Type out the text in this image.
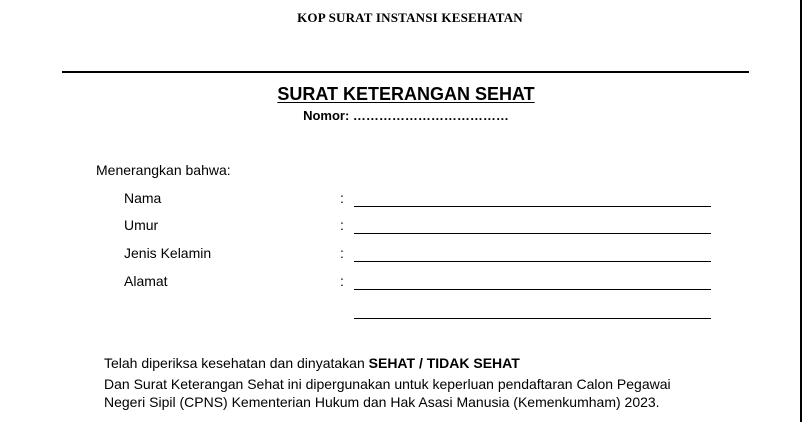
KOP SURAT INSTANSI KESEHATAN
SURAT KETERANGAN SEHAT
Nomor: ………………………………
Menerangkan bahwa:
Nama	:
Umur	:
Jenis Kelamin	:
Alamat	:
Telah diperiksa kesehatan dan dinyatakan SEHAT / TIDAK SEHAT
Dan Surat Keterangan Sehat ini dipergunakan untuk keperluan pendaftaran Calon Pegawai
Negeri Sipil (CPNS) Kementerian Hukum dan Hak Asasi Manusia (Kemenkumham) 2023.
